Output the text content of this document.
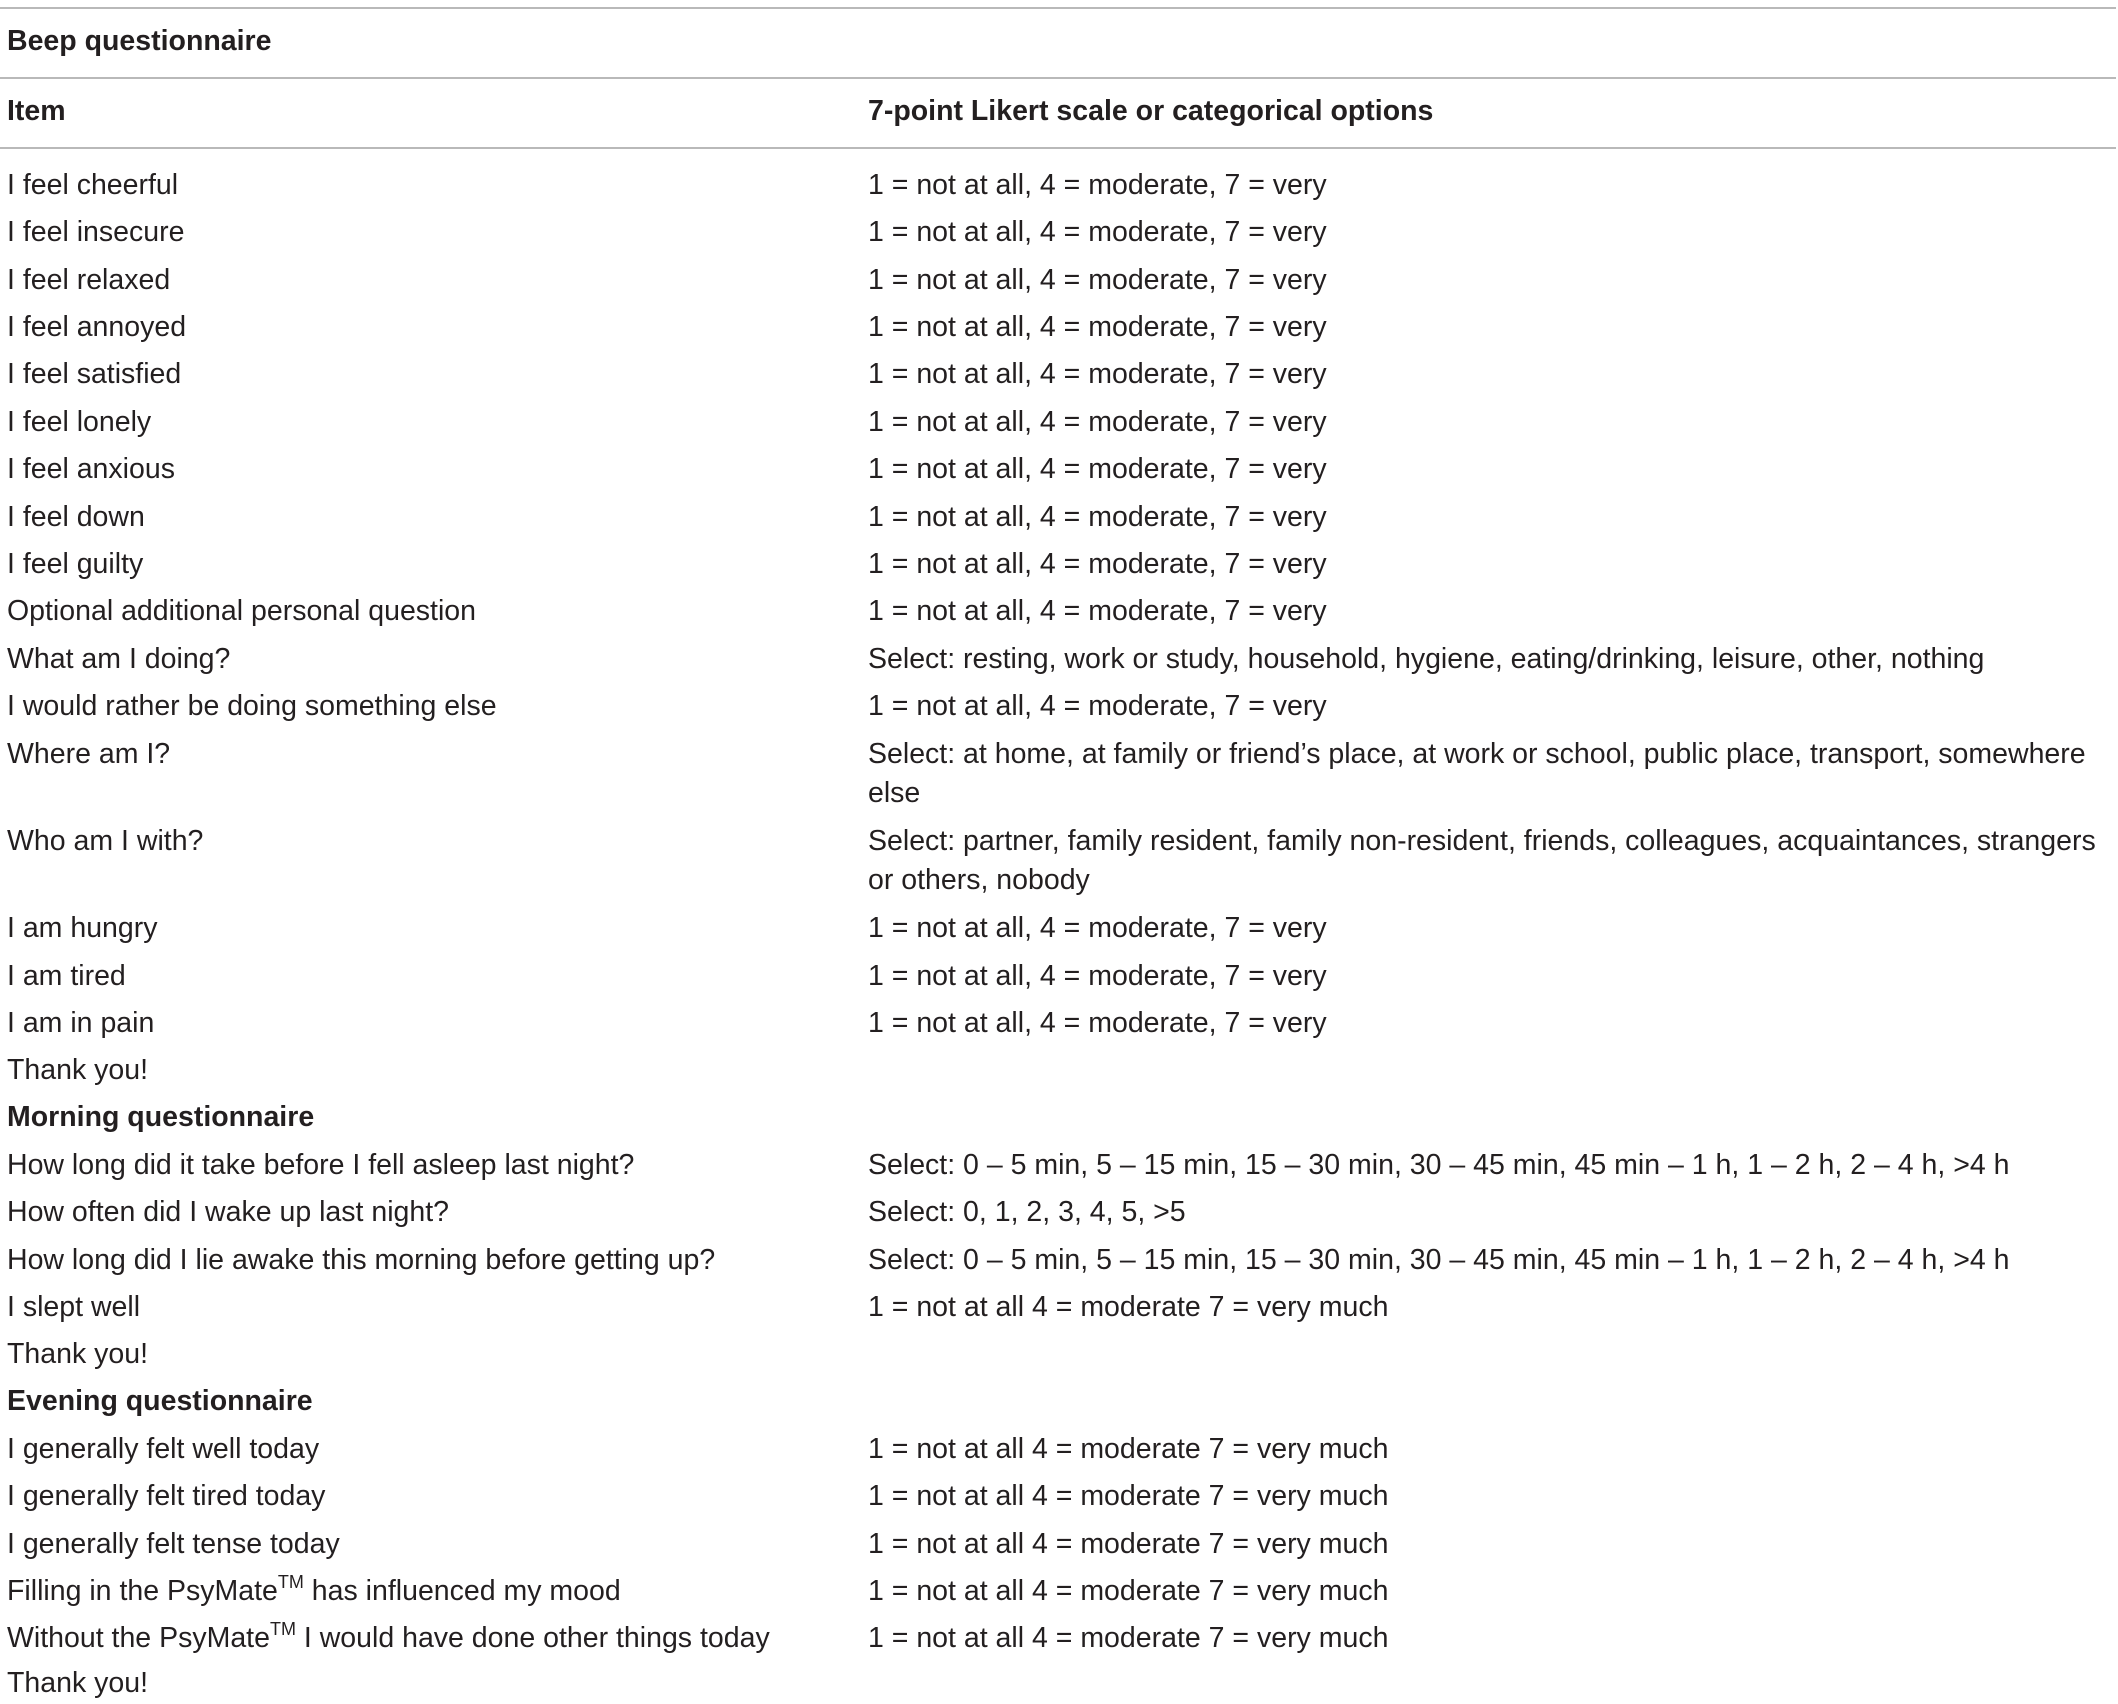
Beep questionnaire
Item	7-point Likert scale or categorical options
I feel cheerful	1 = not at all, 4 = moderate, 7 = very
I feel insecure	1 = not at all, 4 = moderate, 7 = very
I feel relaxed	1 = not at all, 4 = moderate, 7 = very
I feel annoyed	1 = not at all, 4 = moderate, 7 = very
I feel satisfied	1 = not at all, 4 = moderate, 7 = very
I feel lonely	1 = not at all, 4 = moderate, 7 = very
I feel anxious	1 = not at all, 4 = moderate, 7 = very
I feel down	1 = not at all, 4 = moderate, 7 = very
I feel guilty	1 = not at all, 4 = moderate, 7 = very
Optional additional personal question	1 = not at all, 4 = moderate, 7 = very
What am I doing?	Select: resting, work or study, household, hygiene, eating/drinking, leisure, other, nothing
I would rather be doing something else	1 = not at all, 4 = moderate, 7 = very
Where am I?	Select: at home, at family or friend’s place, at work or school, public place, transport, somewhere else
Who am I with?	Select: partner, family resident, family non-resident, friends, colleagues, acquaintances, strangers or others, nobody
I am hungry	1 = not at all, 4 = moderate, 7 = very
I am tired	1 = not at all, 4 = moderate, 7 = very
I am in pain	1 = not at all, 4 = moderate, 7 = very
Thank you!
Morning questionnaire
How long did it take before I fell asleep last night?	Select: 0 – 5 min, 5 – 15 min, 15 – 30 min, 30 – 45 min, 45 min – 1 h, 1 – 2 h, 2 – 4 h, >4 h
How often did I wake up last night?	Select: 0, 1, 2, 3, 4, 5, >5
How long did I lie awake this morning before getting up?	Select: 0 – 5 min, 5 – 15 min, 15 – 30 min, 30 – 45 min, 45 min – 1 h, 1 – 2 h, 2 – 4 h, >4 h
I slept well	1 = not at all 4 = moderate 7 = very much
Thank you!
Evening questionnaire
I generally felt well today	1 = not at all 4 = moderate 7 = very much
I generally felt tired today	1 = not at all 4 = moderate 7 = very much
I generally felt tense today	1 = not at all 4 = moderate 7 = very much
Filling in the PsyMate™ has influenced my mood	1 = not at all 4 = moderate 7 = very much
Without the PsyMate™ I would have done other things today	1 = not at all 4 = moderate 7 = very much
Thank you!
